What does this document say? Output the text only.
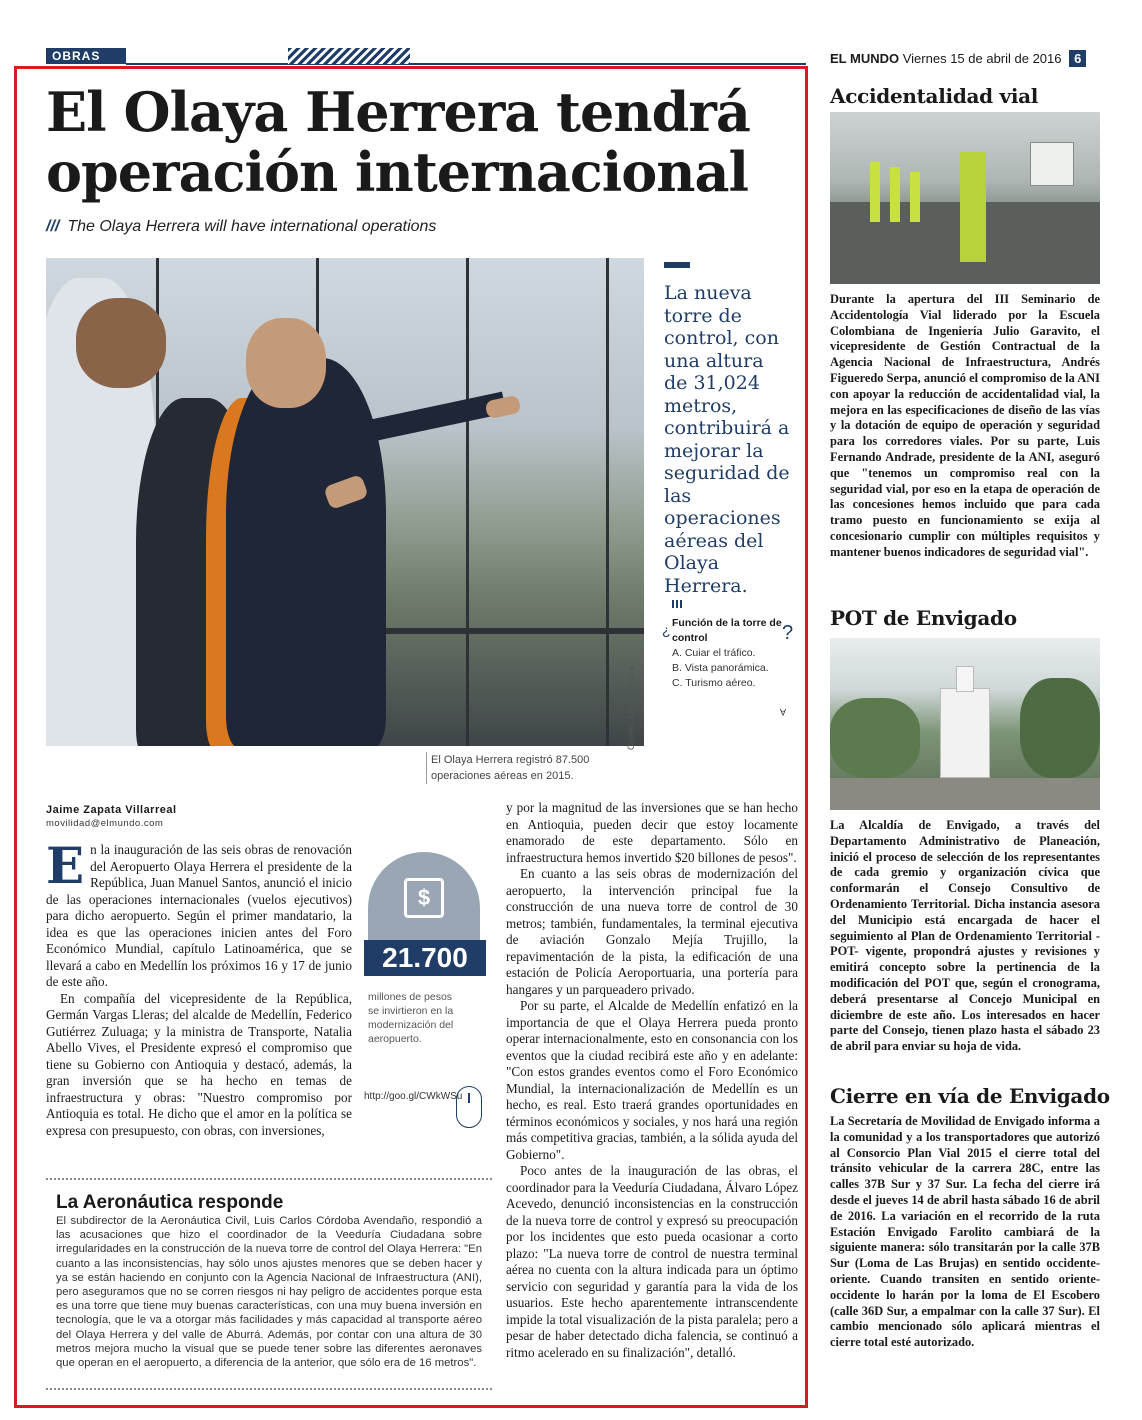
OBRAS	EL MUNDO Viernes 15 de abril de 2016 6
El Olaya Herrera tendrá operación internacional
/// The Olaya Herrera will have international operations
Cortesía Presidencia
El Olaya Herrera registró 87.500 operaciones aéreas en 2015.
La nueva torre de control, con una altura de 31,024 metros, contribuirá a mejorar la seguridad de las operaciones aéreas del Olaya Herrera.
Función de la torre de control
¿	?
A. Cuiar el tráfico.
B. Vista panorámica.
C. Turismo aéreo.
A
Jaime Zapata Villarreal
movilidad@elmundo.com

En la inauguración de las seis obras de renovación del Aeropuerto Olaya Herrera el presidente de la República, Juan Manuel Santos, anunció el inicio de las operaciones internacionales (vuelos ejecutivos) para dicho aeropuerto. Según el primer mandatario, la idea es que las operaciones inicien antes del Foro Económico Mundial, capítulo Latinoamérica, que se llevará a cabo en Medellín los próximos 16 y 17 de junio de este año.

En compañía del vicepresidente de la República, Germán Vargas Lleras; del alcalde de Medellín, Federico Gutiérrez Zuluaga; y la ministra de Transporte, Natalia Abello Vives, el Presidente expresó el compromiso que tiene su Gobierno con Antioquia y destacó, además, la gran inversión que se ha hecho en temas de infraestructura y obras: "Nuestro compromiso por Antioquia es total. He dicho que el amor en la política se expresa con presupuesto, con obras, con inversiones,

$
21.700
millones de pesos se invirtieron en la modernización del aeropuerto.
http://goo.gl/CWkWSu

y por la magnitud de las inversiones que se han hecho en Antioquia, pueden decir que estoy locamente enamorado de este departamento. Sólo en infraestructura hemos invertido $20 billones de pesos".

En cuanto a las seis obras de modernización del aeropuerto, la intervención principal fue la construcción de una nueva torre de control de 30 metros; también, fundamentales, la terminal ejecutiva de aviación Gonzalo Mejía Trujillo, la repavimentación de la pista, la edificación de una estación de Policía Aeroportuaria, una portería para hangares y un parqueadero privado.

Por su parte, el Alcalde de Medellín enfatizó en la importancia de que el Olaya Herrera pueda pronto operar internacionalmente, esto en consonancia con los eventos que la ciudad recibirá este año y en adelante: "Con estos grandes eventos como el Foro Económico Mundial, la internacionalización de Medellín es un hecho, es real. Esto traerá grandes oportunidades en términos económicos y sociales, y nos hará una región más competitiva gracias, también, a la sólida ayuda del Gobierno".

Poco antes de la inauguración de las obras, el coordinador para la Veeduría Ciudadana, Álvaro López Acevedo, denunció inconsistencias en la construcción de la nueva torre de control y expresó su preocupación por los incidentes que esto pueda ocasionar a corto plazo: "La nueva torre de control de nuestra terminal aérea no cuenta con la altura indicada para un óptimo servicio con seguridad y garantía para la vida de los usuarios. Este hecho aparentemente intranscendente impide la total visualización de la pista paralela; pero a pesar de haber detectado dicha falencia, se continuó a ritmo acelerado en su finalización", detalló.

La Aeronáutica responde
El subdirector de la Aeronáutica Civil, Luis Carlos Córdoba Avendaño, respondió a las acusaciones que hizo el coordinador de la Veeduría Ciudadana sobre irregularidades en la construcción de la nueva torre de control del Olaya Herrera: "En cuanto a las inconsistencias, hay sólo unos ajustes menores que se deben hacer y ya se están haciendo en conjunto con la Agencia Nacional de Infraestructura (ANI), pero aseguramos que no se corren riesgos ni hay peligro de accidentes porque esta es una torre que tiene muy buenas características, con una muy buena inversión en tecnología, que le va a otorgar más facilidades y más capacidad al transporte aéreo del Olaya Herrera y del valle de Aburrá. Además, por contar con una altura de 30 metros mejora mucho la visual que se puede tener sobre las diferentes aeronaves que operan en el aeropuerto, a diferencia de la anterior, que sólo era de 16 metros".
Accidentalidad vial
Durante la apertura del III Seminario de Accidentología Vial liderado por la Escuela Colombiana de Ingeniería Julio Garavito, el vicepresidente de Gestión Contractual de la Agencia Nacional de Infraestructura, Andrés Figueredo Serpa, anunció el compromiso de la ANI con apoyar la reducción de accidentalidad vial, la mejora en las especificaciones de diseño de las vías y la dotación de equipo de operación y seguridad para los corredores viales. Por su parte, Luis Fernando Andrade, presidente de la ANI, aseguró que "tenemos un compromiso real con la seguridad vial, por eso en la etapa de operación de las concesiones hemos incluido que para cada tramo puesto en funcionamiento se exija al concesionario cumplir con múltiples requisitos y mantener buenos indicadores de seguridad vial".
POT de Envigado
La Alcaldía de Envigado, a través del Departamento Administrativo de Planeación, inició el proceso de selección de los representantes de cada gremio y organización cívica que conformarán el Consejo Consultivo de Ordenamiento Territorial. Dicha instancia asesora del Municipio está encargada de hacer el seguimiento al Plan de Ordenamiento Territorial -POT- vigente, propondrá ajustes y revisiones y emitirá concepto sobre la pertinencia de la modificación del POT que, según el cronograma, deberá presentarse al Concejo Municipal en diciembre de este año. Los interesados en hacer parte del Consejo, tienen plazo hasta el sábado 23 de abril para enviar su hoja de vida.
Cierre en vía de Envigado
La Secretaría de Movilidad de Envigado informa a la comunidad y a los transportadores que autorizó al Consorcio Plan Vial 2015 el cierre total del tránsito vehicular de la carrera 28C, entre las calles 37B Sur y 37 Sur. La fecha del cierre irá desde el jueves 14 de abril hasta sábado 16 de abril de 2016. La variación en el recorrido de la ruta Estación Envigado Farolito cambiará de la siguiente manera: sólo transitarán por la calle 37B Sur (Loma de Las Brujas) en sentido occidente-oriente. Cuando transiten en sentido oriente-occidente lo harán por la loma de El Escobero (calle 36D Sur, a empalmar con la calle 37 Sur). El cambio mencionado sólo aplicará mientras el cierre total esté autorizado.
